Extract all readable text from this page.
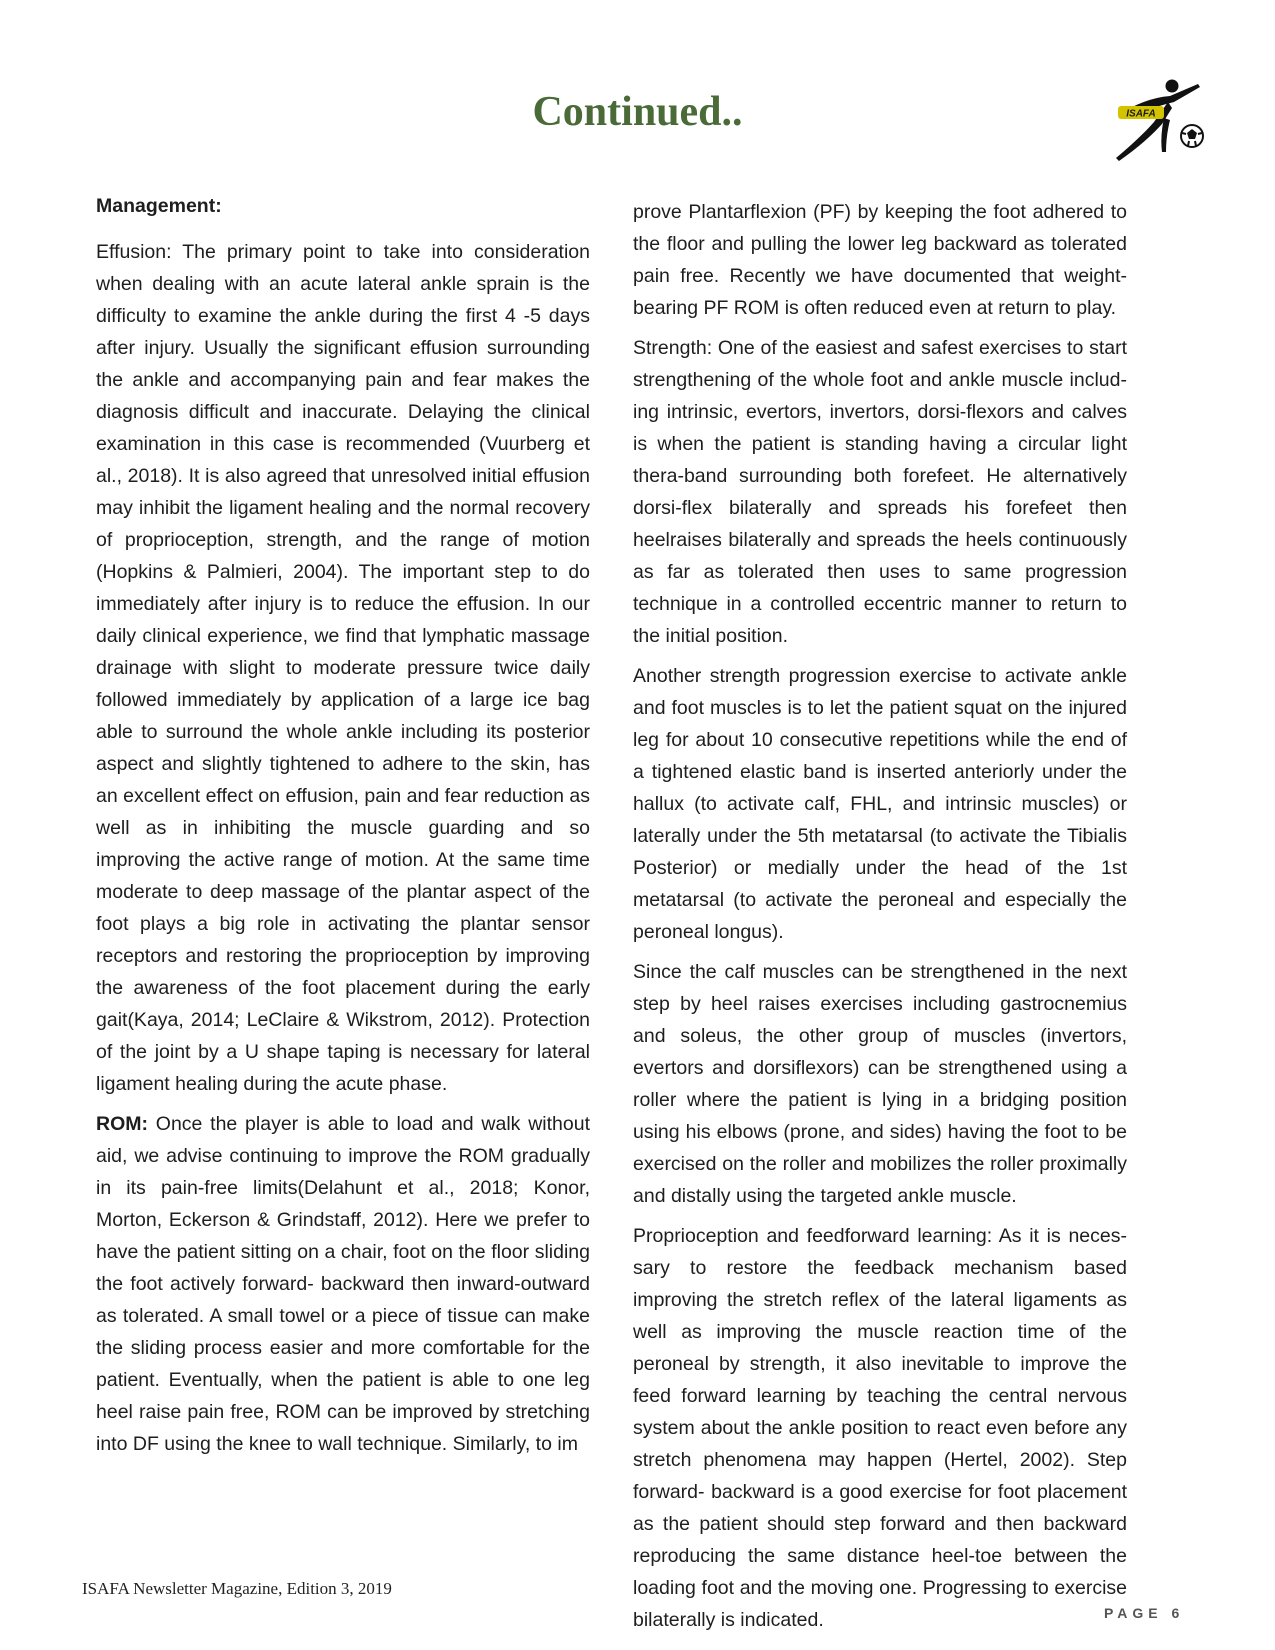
Continued..	ISAFA
Management:

Effusion: The primary point to take into consideration when dealing with an acute lateral ankle sprain is the difficulty to examine the ankle during the first 4 -5 days after injury. Usually the significant effusion surrounding the ankle and accompanying pain and fear makes the diagnosis difficult and inaccurate. Delaying the clinical examination in this case is recommended (Vuurberg et al., 2018). It is also agreed that unresolved initial effusion may inhibit the ligament healing and the normal recovery of proprioception, strength, and the range of motion (Hopkins & Palmieri, 2004). The important step to do immediately after injury is to reduce the effusion. In our daily clinical experience, we find that lymphatic massage drainage with slight to moderate pressure twice daily followed immediately by application of a large ice bag able to surround the whole ankle including its posterior aspect and slightly tightened to adhere to the skin, has an excellent effect on effusion, pain and fear reduction as well as in inhibiting the muscle guarding and so improving the active range of motion. At the same time moderate to deep massage of the plantar aspect of the foot plays a big role in activating the plantar sensor receptors and restoring the proprioception by improving the awareness of the foot placement during the early gait(Kaya, 2014; LeClaire & Wikstrom, 2012). Protection of the joint by a U shape taping is necessary for lateral ligament healing during the acute phase.

ROM: Once the player is able to load and walk without aid, we advise continuing to improve the ROM gradually in its pain-free limits(Delahunt et al., 2018; Konor, Morton, Eckerson & Grindstaff, 2012). Here we prefer to have the patient sitting on a chair, foot on the floor sliding the foot actively forward- backward then inward-outward as tolerated. A small towel or a piece of tissue can make the sliding process easier and more comfortable for the patient. Eventually, when the patient is able to one leg heel raise pain free, ROM can be improved by stretching into DF using the knee to wall technique. Similarly, to im

prove Plantarflexion (PF) by keeping the foot adhered to the floor and pulling the lower leg backward as tolerated pain free. Recently we have documented that weight-bearing PF ROM is often reduced even at return to play.

Strength: One of the easiest and safest exercises to start strengthening of the whole foot and ankle muscle including intrinsic, evertors, invertors, dorsi-flexors and calves is when the patient is standing having a circular light thera-band surrounding both forefeet. He alternatively dorsi-flex bilaterally and spreads his forefeet then heelraises bilaterally and spreads the heels continuously as far as tolerated then uses to same progression technique in a controlled eccentric manner to return to the initial position.

Another strength progression exercise to activate ankle and foot muscles is to let the patient squat on the injured leg for about 10 consecutive repetitions while the end of a tightened elastic band is inserted anteriorly under the hallux (to activate calf, FHL, and intrinsic muscles) or laterally under the 5th metatarsal (to activate the Tibialis Posterior) or medially under the head of the 1st metatarsal (to activate the peroneal and especially the peroneal longus).

Since the calf muscles can be strengthened in the next step by heel raises exercises including gastrocnemius and soleus, the other group of muscles (invertors, evertors and dorsiflexors) can be strengthened using a roller where the patient is lying in a bridging position using his elbows (prone, and sides) having the foot to be exercised on the roller and mobilizes the roller proximally and distally using the targeted ankle muscle.

Proprioception and feedforward learning: As it is necessary to restore the feedback mechanism based improving the stretch reflex of the lateral ligaments as well as improving the muscle reaction time of the peroneal by strength, it also inevitable to improve the feed forward learning by teaching the central nervous system about the ankle position to react even before any stretch phenomena may happen (Hertel, 2002). Step forward- backward is a good exercise for foot placement as the patient should step forward and then backward reproducing the same distance heel-toe between the loading foot and the moving one. Progressing to exercise bilaterally is indicated.

ISAFA Newsletter Magazine, Edition 3, 2019
PAGE 6
